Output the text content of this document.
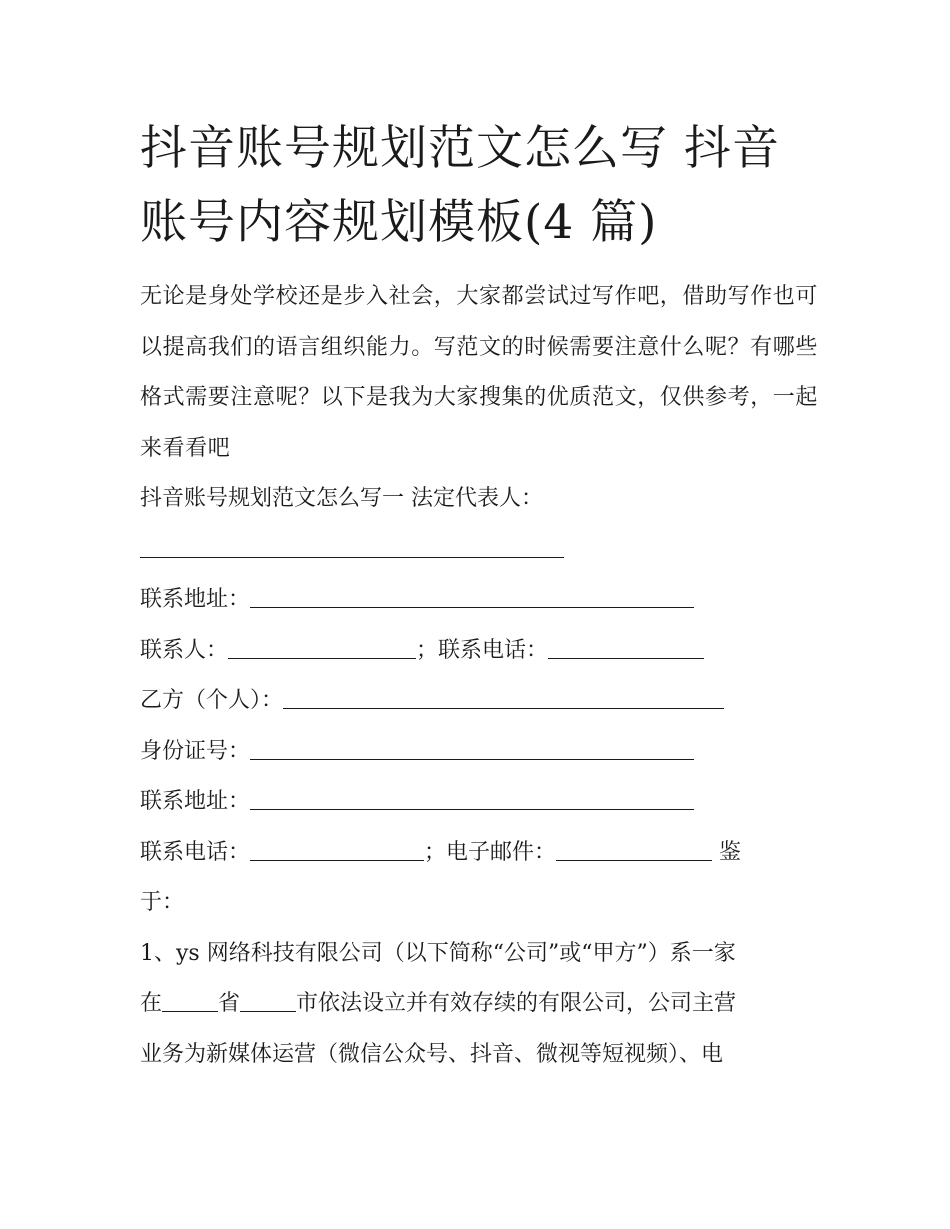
抖音账号规划范文怎么写 抖音账号内容规划模板(4 篇)

无论是身处学校还是步入社会，大家都尝试过写作吧，借助写作也可以提高我们的语言组织能力。写范文的时候需要注意什么呢？有哪些格式需要注意呢？以下是我为大家搜集的优质范文，仅供参考，一起来看看吧

抖音账号规划范文怎么写一 法定代表人：

联系地址：

联系人：	；联系电话：

乙方（个人）：

身份证号：

联系地址：

联系电话：	；电子邮件：	鉴

于：

1、ys 网络科技有限公司（以下简称“公司”或“甲方”）系一家

在	省	市依法设立并有效存续的有限公司，公司主营

业务为新媒体运营（微信公众号、抖音、微视等短视频）、电
